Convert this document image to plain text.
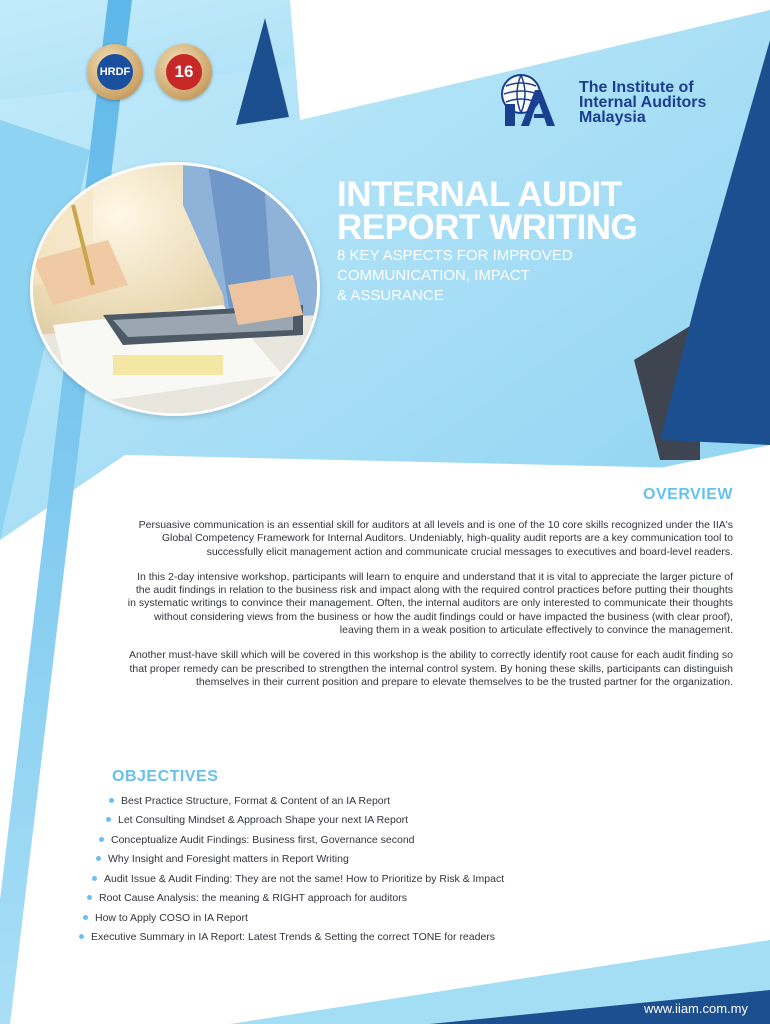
HRDF	16
The Institute of
Internal Auditors
Malaysia
INTERNAL AUDIT
REPORT WRITING
8 KEY ASPECTS FOR IMPROVED
COMMUNICATION, IMPACT
& ASSURANCE
OVERVIEW

Persuasive communication is an essential skill for auditors at all levels and is one of the 10 core skills recognized under the IIA's Global Competency Framework for Internal Auditors. Undeniably, high-quality audit reports are a key communication tool to successfully elicit management action and communicate crucial messages to executives and board-level readers.

In this 2-day intensive workshop, participants will learn to enquire and understand that it is vital to appreciate the larger picture of the audit findings in relation to the business risk and impact along with the required control practices before putting their thoughts in systematic writings to convince their management. Often, the internal auditors are only interested to communicate their thoughts without considering views from the business or how the audit findings could or have impacted the business (with clear proof), leaving them in a weak position to articulate effectively to convince the management.

Another must-have skill which will be covered in this workshop is the ability to correctly identify root cause for each audit finding so that proper remedy can be prescribed to strengthen the internal control system. By honing these skills, participants can distinguish themselves in their current position and prepare to elevate themselves to be the trusted partner for the organization.

OBJECTIVES
Best Practice Structure, Format & Content of an IA Report
Let Consulting Mindset & Approach Shape your next IA Report
Conceptualize Audit Findings: Business first, Governance second
Why Insight and Foresight matters in Report Writing
Audit Issue & Audit Finding: They are not the same! How to Prioritize by Risk & Impact
Root Cause Analysis: the meaning & RIGHT approach for auditors
How to Apply COSO in IA Report
Executive Summary in IA Report: Latest Trends & Setting the correct TONE for readers
www.iiam.com.my
